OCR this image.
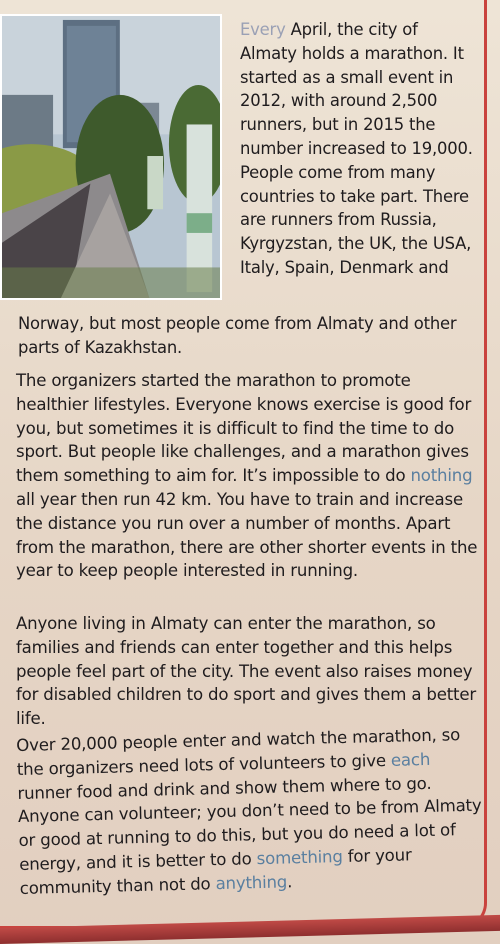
Every April, the city of Almaty holds a marathon. It started as a small event in 2012, with around 2,500 runners, but in 2015 the number increased to 19,000. People come from many countries to take part. There are runners from Russia, Kyrgyzstan, the UK, the USA, Italy, Spain, Denmark and
Norway, but most people come from Almaty and other parts of Kazakhstan.
The organizers started the marathon to promote healthier lifestyles. Everyone knows exercise is good for you, but sometimes it is difficult to find the time to do sport. But people like challenges, and a marathon gives them something to aim for. It’s impossible to do nothing all year then run 42 km. You have to train and increase the distance you run over a number of months. Apart from the marathon, there are other shorter events in the year to keep people interested in running.
Anyone living in Almaty can enter the marathon, so families and friends can enter together and this helps people feel part of the city. The event also raises money for disabled children to do sport and gives them a better life.
Over 20,000 people enter and watch the marathon, so the organizers need lots of volunteers to give each runner food and drink and show them where to go. Anyone can volunteer; you don’t need to be from Almaty or good at running to do this, but you do need a lot of energy, and it is better to do something for your community than not do anything.
